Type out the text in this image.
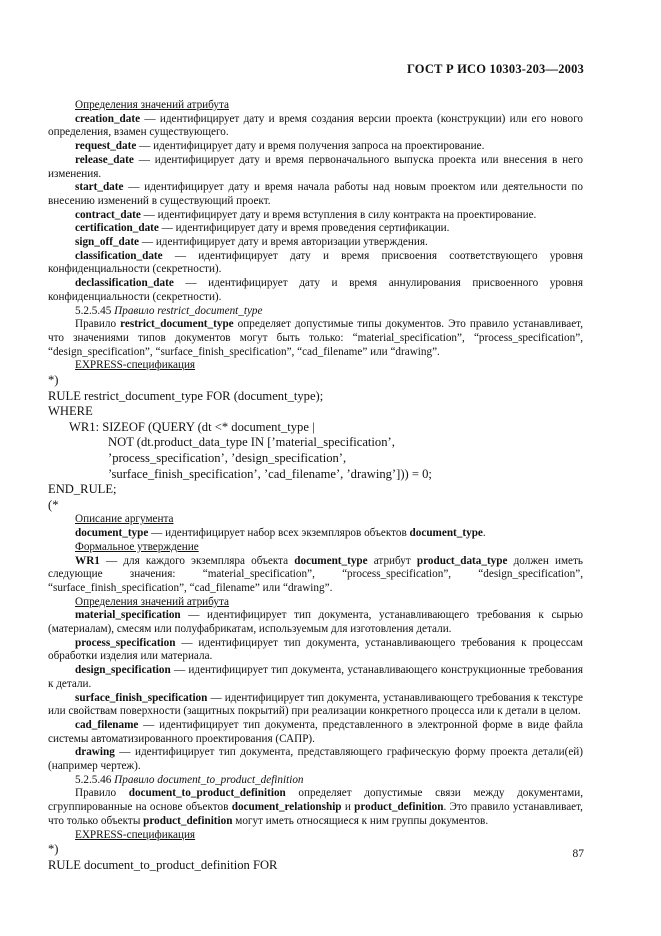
ГОСТ Р ИСО 10303-203—2003

Определения значений атрибута

creation_date — идентифицирует дату и время создания версии проекта (конструкции) или его нового определения, взамен существующего.

request_date — идентифицирует дату и время получения запроса на проектирование.

release_date — идентифицирует дату и время первоначального выпуска проекта или внесения в него изменения.

start_date — идентифицирует дату и время начала работы над новым проектом или деятельности по внесению изменений в существующий проект.

contract_date — идентифицирует дату и время вступления в силу контракта на проектирование.

certification_date — идентифицирует дату и время проведения сертификации.

sign_off_date — идентифицирует дату и время авторизации утверждения.

classification_date — идентифицирует дату и время присвоения соответствующего уровня конфиденциальности (секретности).

declassification_date — идентифицирует дату и время аннулирования присвоенного уровня конфиденциальности (секретности).

5.2.5.45 Правило restrict_document_type

Правило restrict_document_type определяет допустимые типы документов. Это правило устанавливает, что значениями типов документов могут быть только: “material_specification”, “process_specification”, “design_specification”, “surface_finish_specification”, “cad_filename” или “drawing”.

EXPRESS-спецификация

*)

RULE restrict_document_type FOR (document_type);

WHERE

WR1: SIZEOF (QUERY (dt <* document_type |

NOT (dt.product_data_type IN [’material_specification’,

’process_specification’, ’design_specification’,

’surface_finish_specification’, ’cad_filename’, ’drawing’])) = 0;

END_RULE;

(*

Описание аргумента

document_type — идентифицирует набор всех экземпляров объектов document_type.

Формальное утверждение

WR1 — для каждого экземпляра объекта document_type атрибут product_data_type должен иметь следующие значения: “material_specification”, “process_specification”, “design_specification”, “surface_finish_specification”, “cad_filename” или “drawing”.

Определения значений атрибута

material_specification — идентифицирует тип документа, устанавливающего требования к сырью (материалам), смесям или полуфабрикатам, используемым для изготовления детали.

process_specification — идентифицирует тип документа, устанавливающего требования к процессам обработки изделия или материала.

design_specification — идентифицирует тип документа, устанавливающего конструкционные требования к детали.

surface_finish_specification — идентифицирует тип документа, устанавливающего требования к текстуре или свойствам поверхности (защитных покрытий) при реализации конкретного процесса или к детали в целом.

cad_filename — идентифицирует тип документа, представленного в электронной форме в виде файла системы автоматизированного проектирования (САПР).

drawing — идентифицирует тип документа, представляющего графическую форму проекта детали(ей) (например чертеж).

5.2.5.46 Правило document_to_product_definition

Правило document_to_product_definition определяет допустимые связи между документами, сгруппированные на основе объектов document_relationship и product_definition. Это правило устанавливает, что только объекты product_definition могут иметь относящиеся к ним группы документов.

EXPRESS-спецификация

*)

RULE document_to_product_definition FOR

87
